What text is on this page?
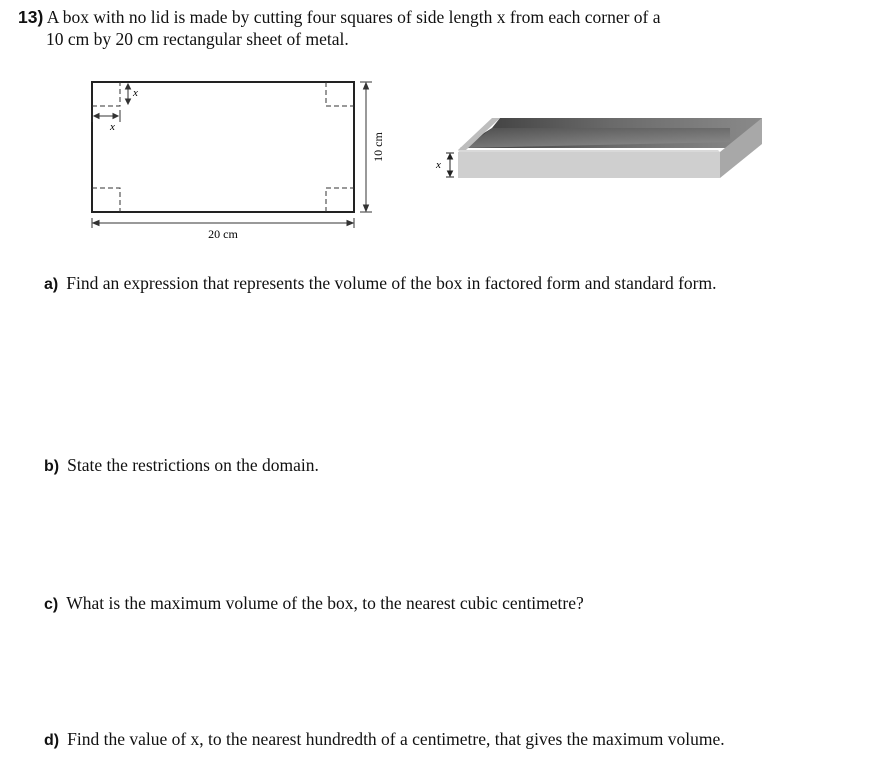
13) A box with no lid is made by cutting four squares of side length x from each corner of a
10 cm by 20 cm rectangular sheet of metal.
x
x
20 cm
10 cm
x
a) Find an expression that represents the volume of the box in factored form and standard form.
b) State the restrictions on the domain.
c) What is the maximum volume of the box, to the nearest cubic centimetre?
d) Find the value of x, to the nearest hundredth of a centimetre, that gives the maximum volume.
